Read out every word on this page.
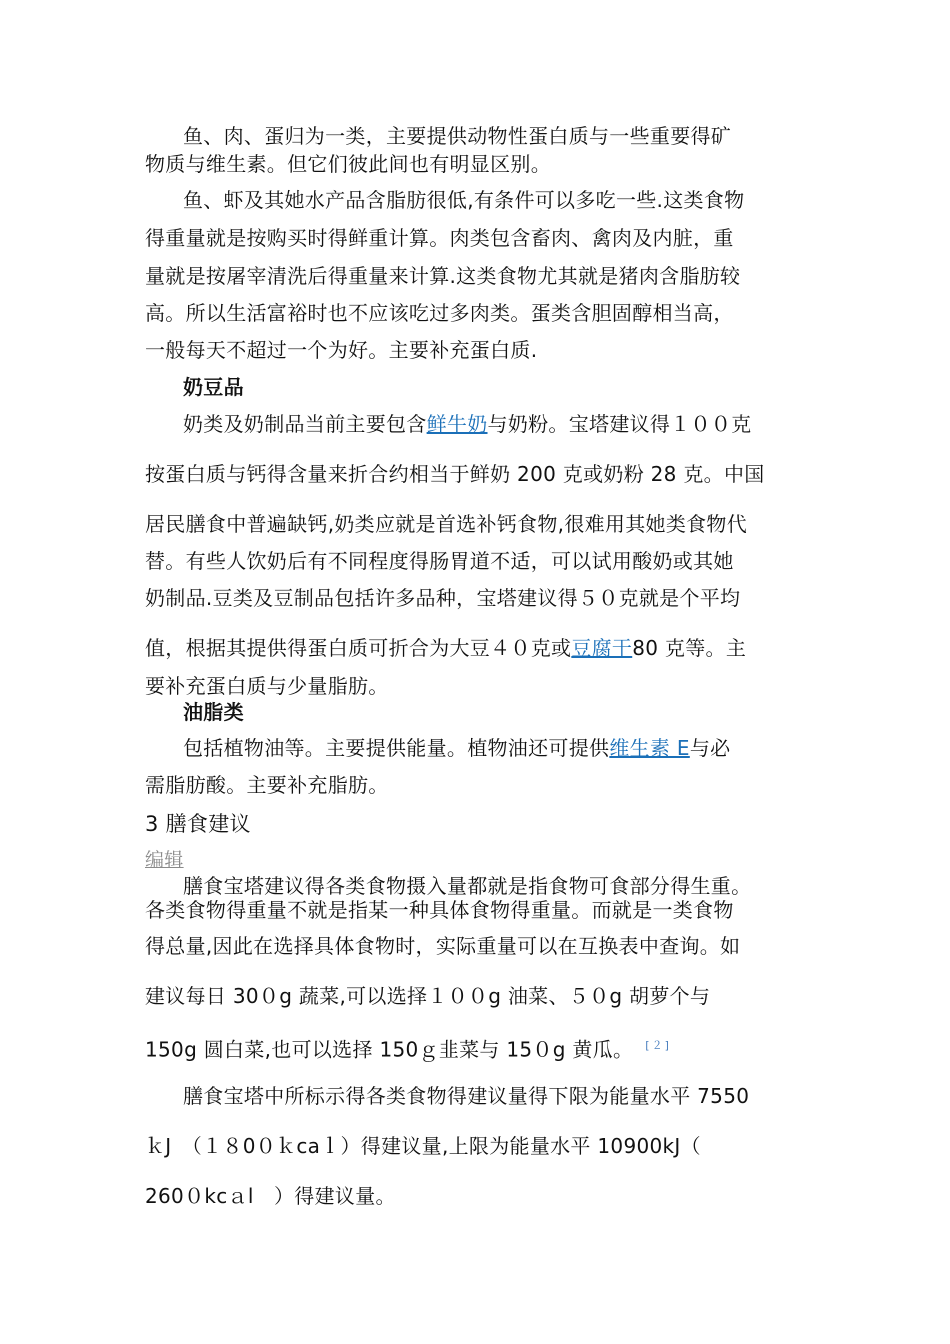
鱼、肉、蛋归为一类，主要提供动物性蛋白质与一些重要得矿
物质与维生素。但它们彼此间也有明显区别。
鱼、虾及其她水产品含脂肪很低,有条件可以多吃一些.这类食物
得重量就是按购买时得鲜重计算。肉类包含畜肉、禽肉及内脏，重
量就是按屠宰清洗后得重量来计算.这类食物尤其就是猪肉含脂肪较
高。所以生活富裕时也不应该吃过多肉类。蛋类含胆固醇相当高，
一般每天不超过一个为好。主要补充蛋白质.
奶豆品
奶类及奶制品当前主要包含鲜牛奶与奶粉。宝塔建议得１００克
按蛋白质与钙得含量来折合约相当于鲜奶 200 克或奶粉 28 克。中国
居民膳食中普遍缺钙,奶类应就是首选补钙食物,很难用其她类食物代
替。有些人饮奶后有不同程度得肠胃道不适，可以试用酸奶或其她
奶制品.豆类及豆制品包括许多品种，宝塔建议得５０克就是个平均
值，根据其提供得蛋白质可折合为大豆４０克或豆腐干80 克等。主
要补充蛋白质与少量脂肪。
油脂类
包括植物油等。主要提供能量。植物油还可提供维生素 E与必
需脂肪酸。主要补充脂肪。
3 膳食建议
编辑
膳食宝塔建议得各类食物摄入量都就是指食物可食部分得生重。
各类食物得重量不就是指某一种具体食物得重量。而就是一类食物
得总量,因此在选择具体食物时，实际重量可以在互换表中查询。如
建议每日 30０g 蔬菜,可以选择１００g 油菜、５０g 胡萝个与
150g 圆白菜,也可以选择 150ｇ韭菜与 15０g 黄瓜。 [２]
膳食宝塔中所标示得各类食物得建议量得下限为能量水平 7550
ｋJ　（１８0０ｋcaｌ）得建议量,上限为能量水平 10900kJ（
260０kcａl　）得建议量。
